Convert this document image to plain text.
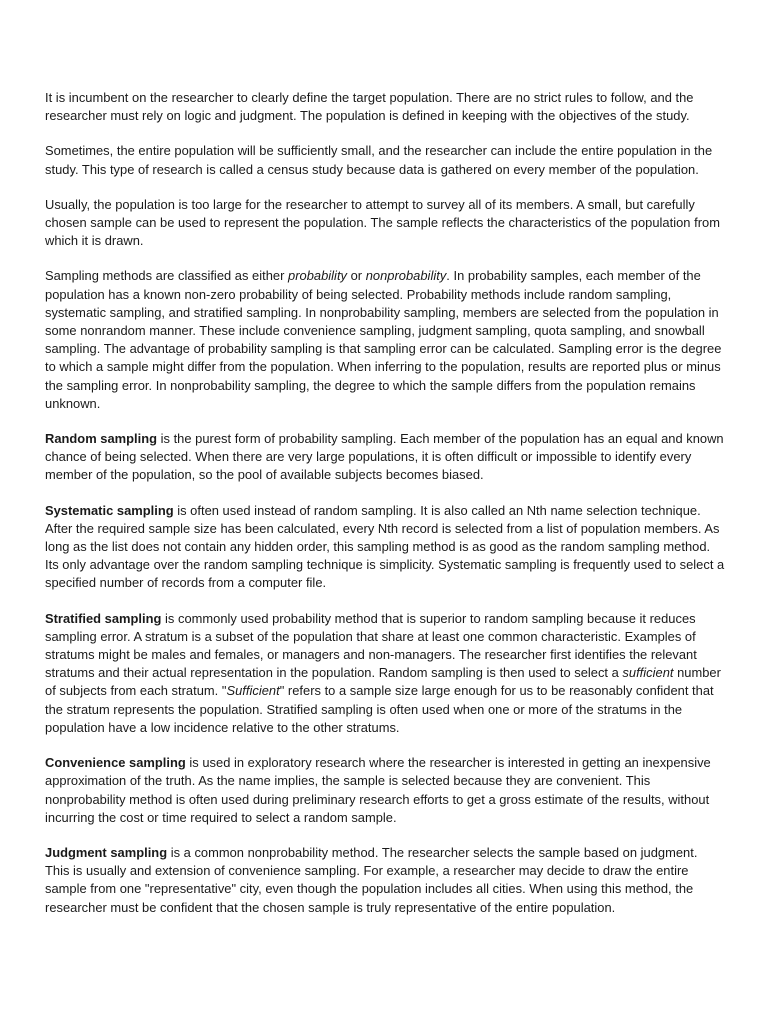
It is incumbent on the researcher to clearly define the target population. There are no strict rules to follow, and the researcher must rely on logic and judgment. The population is defined in keeping with the objectives of the study.

Sometimes, the entire population will be sufficiently small, and the researcher can include the entire population in the study. This type of research is called a census study because data is gathered on every member of the population.

Usually, the population is too large for the researcher to attempt to survey all of its members. A small, but carefully chosen sample can be used to represent the population. The sample reflects the characteristics of the population from which it is drawn.

Sampling methods are classified as either probability or nonprobability. In probability samples, each member of the population has a known non-zero probability of being selected. Probability methods include random sampling, systematic sampling, and stratified sampling. In nonprobability sampling, members are selected from the population in some nonrandom manner. These include convenience sampling, judgment sampling, quota sampling, and snowball sampling. The advantage of probability sampling is that sampling error can be calculated. Sampling error is the degree to which a sample might differ from the population. When inferring to the population, results are reported plus or minus the sampling error. In nonprobability sampling, the degree to which the sample differs from the population remains unknown.

Random sampling is the purest form of probability sampling. Each member of the population has an equal and known chance of being selected. When there are very large populations, it is often difficult or impossible to identify every member of the population, so the pool of available subjects becomes biased.

Systematic sampling is often used instead of random sampling. It is also called an Nth name selection technique. After the required sample size has been calculated, every Nth record is selected from a list of population members. As long as the list does not contain any hidden order, this sampling method is as good as the random sampling method. Its only advantage over the random sampling technique is simplicity. Systematic sampling is frequently used to select a specified number of records from a computer file.

Stratified sampling is commonly used probability method that is superior to random sampling because it reduces sampling error. A stratum is a subset of the population that share at least one common characteristic. Examples of stratums might be males and females, or managers and non-managers. The researcher first identifies the relevant stratums and their actual representation in the population. Random sampling is then used to select a sufficient number of subjects from each stratum. "Sufficient" refers to a sample size large enough for us to be reasonably confident that the stratum represents the population. Stratified sampling is often used when one or more of the stratums in the population have a low incidence relative to the other stratums.

Convenience sampling is used in exploratory research where the researcher is interested in getting an inexpensive approximation of the truth. As the name implies, the sample is selected because they are convenient. This nonprobability method is often used during preliminary research efforts to get a gross estimate of the results, without incurring the cost or time required to select a random sample.

Judgment sampling is a common nonprobability method. The researcher selects the sample based on judgment. This is usually and extension of convenience sampling. For example, a researcher may decide to draw the entire sample from one "representative" city, even though the population includes all cities. When using this method, the researcher must be confident that the chosen sample is truly representative of the entire population.
